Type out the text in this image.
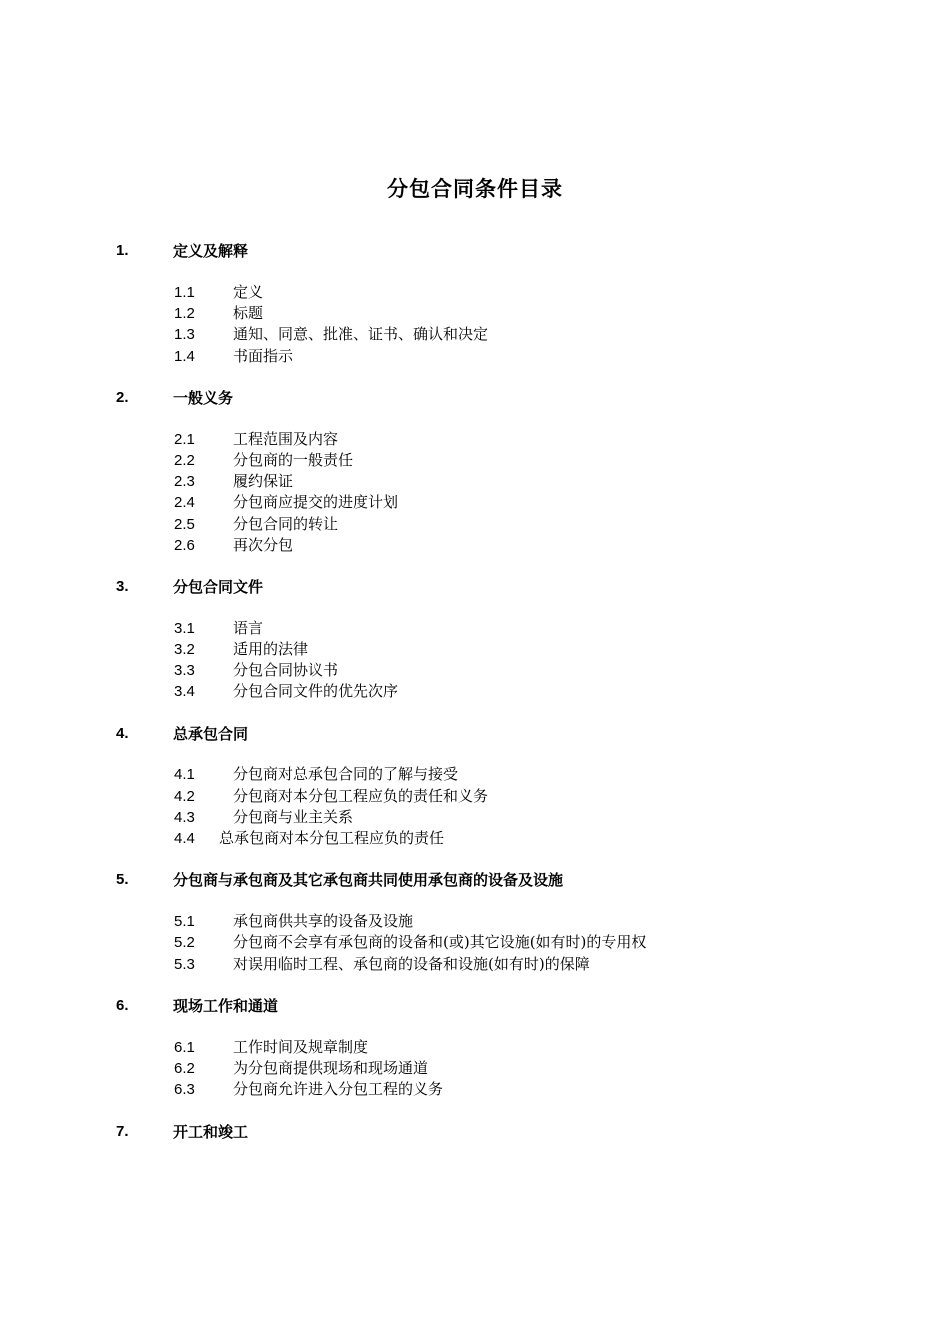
分包合同条件目录
1.	定义及解释
1.1	定义
1.2	标题
1.3	通知、同意、批准、证书、确认和决定
1.4	书面指示
2.	一般义务
2.1	工程范围及内容
2.2	分包商的一般责任
2.3	履约保证
2.4	分包商应提交的进度计划
2.5	分包合同的转让
2.6	再次分包
3.	分包合同文件
3.1	语言
3.2	适用的法律
3.3	分包合同协议书
3.4	分包合同文件的优先次序
4.	总承包合同
4.1	分包商对总承包合同的了解与接受
4.2	分包商对本分包工程应负的责任和义务
4.3	分包商与业主关系
4.4	总承包商对本分包工程应负的责任
5.	分包商与承包商及其它承包商共同使用承包商的设备及设施
5.1	承包商供共享的设备及设施
5.2	分包商不会享有承包商的设备和(或)其它设施(如有时)的专用权
5.3	对误用临时工程、承包商的设备和设施(如有时)的保障
6.	现场工作和通道
6.1	工作时间及规章制度
6.2	为分包商提供现场和现场通道
6.3	分包商允许进入分包工程的义务
7.	开工和竣工
